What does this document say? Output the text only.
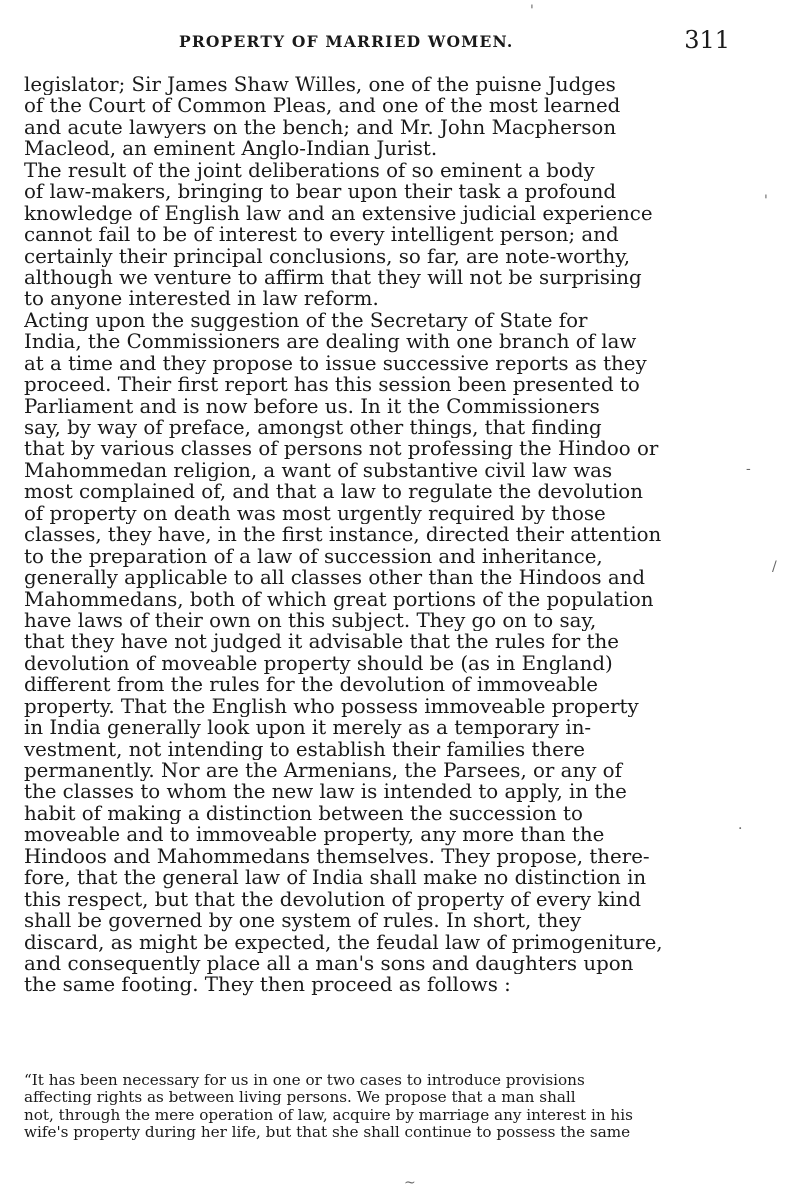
PROPERTY OF MARRIED WOMEN.	311
legislator; Sir James Shaw Willes, one of the puisne Judges
of the Court of Common Pleas, and one of the most learned
and acute lawyers on the bench; and Mr. John Macpherson
Macleod, an eminent Anglo-Indian Jurist.
The result of the joint deliberations of so eminent a body
of law-makers, bringing to bear upon their task a profound
knowledge of English law and an extensive judicial experience
cannot fail to be of interest to every intelligent person; and
certainly their principal conclusions, so far, are note-worthy,
although we venture to affirm that they will not be surprising
to anyone interested in law reform.
Acting upon the suggestion of the Secretary of State for
India, the Commissioners are dealing with one branch of law
at a time and they propose to issue successive reports as they
proceed. Their first report has this session been presented to
Parliament and is now before us. In it the Commissioners
say, by way of preface, amongst other things, that finding
that by various classes of persons not professing the Hindoo or
Mahommedan religion, a want of substantive civil law was
most complained of, and that a law to regulate the devolution
of property on death was most urgently required by those
classes, they have, in the first instance, directed their attention
to the preparation of a law of succession and inheritance,
generally applicable to all classes other than the Hindoos and
Mahommedans, both of which great portions of the population
have laws of their own on this subject. They go on to say,
that they have not judged it advisable that the rules for the
devolution of moveable property should be (as in England)
different from the rules for the devolution of immoveable
property. That the English who possess immoveable property
in India generally look upon it merely as a temporary in-
vestment, not intending to establish their families there
permanently. Nor are the Armenians, the Parsees, or any of
the classes to whom the new law is intended to apply, in the
habit of making a distinction between the succession to
moveable and to immoveable property, any more than the
Hindoos and Mahommedans themselves. They propose, there-
fore, that the general law of India shall make no distinction in
this respect, but that the devolution of property of every kind
shall be governed by one system of rules. In short, they
discard, as might be expected, the feudal law of primogeniture,
and consequently place all a man's sons and daughters upon
the same footing. They then proceed as follows :
“It has been necessary for us in one or two cases to introduce provisions
affecting rights as between living persons. We propose that a man shall
not, through the mere operation of law, acquire by marriage any interest in his
wife's property during her life, but that she shall continue to possess the same
'
'
-
/
·
~
